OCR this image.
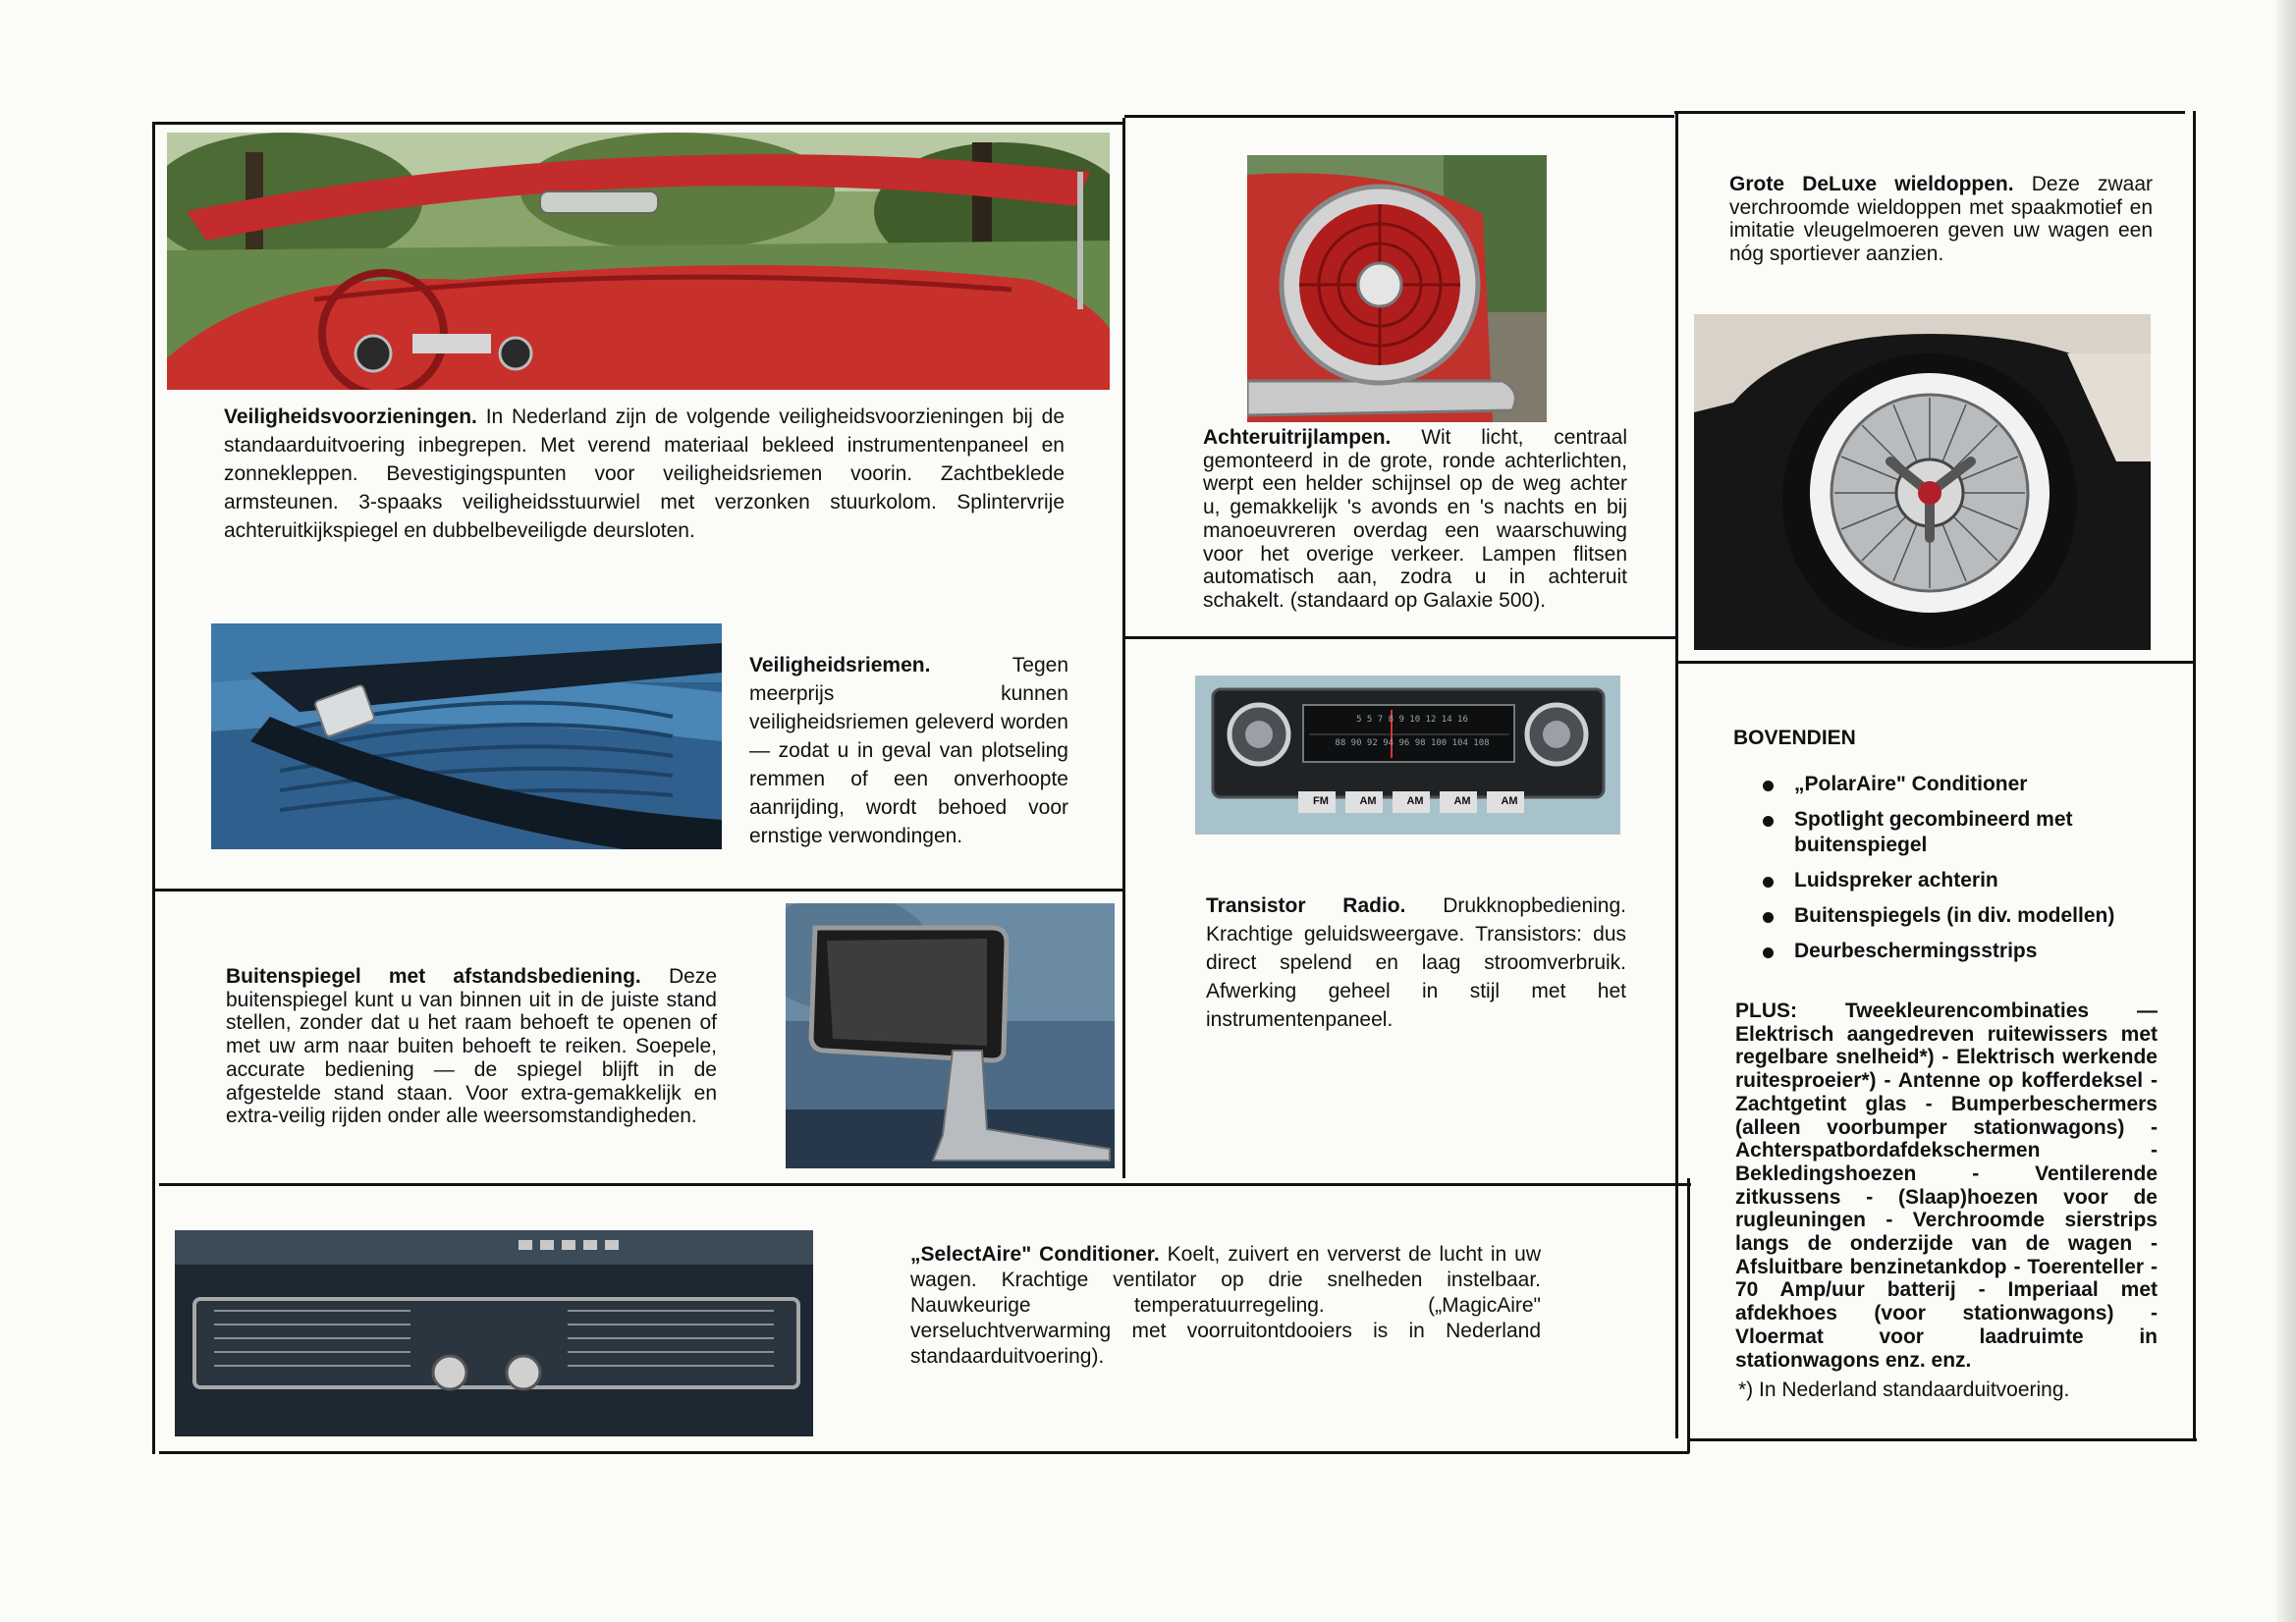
5 5 7 8 9 10 12 14 16
88 90 92 94 96 98 100 104 108
FM	AM	AM	AM	AM
Veiligheidsvoorzieningen. In Nederland zijn de volgende veiligheidsvoorzieningen bij de standaarduitvoering inbegrepen. Met verend materiaal bekleed instrumentenpaneel en zonnekleppen. Bevestigingspunten voor veiligheidsriemen voorin. Zachtbeklede armsteunen. 3-spaaks veiligheidsstuurwiel met verzonken stuurkolom. Splintervrije achteruitkijkspiegel en dubbelbeveiligde deursloten.
Veiligheidsriemen.	Tegen meerprijs kunnen veiligheidsriemen geleverd worden — zodat u in geval van plotseling remmen of een onverhoopte aanrijding, wordt behoed voor ernstige verwondingen.
Buitenspiegel met afstandsbediening. Deze buitenspiegel kunt u van binnen uit in de juiste stand stellen, zonder dat u het raam behoeft te openen of met uw arm naar buiten behoeft te reiken. Soepele, accurate bediening — de spiegel blijft in de afgestelde stand staan. Voor extra-gemakkelijk en extra-veilig rijden onder alle weersomstandigheden.
„SelectAire" Conditioner. Koelt, zuivert en ververst de lucht in uw wagen. Krachtige ventilator op drie snelheden instelbaar. Nauwkeurige temperatuurregeling. („MagicAire" verseluchtverwarming met voorruitontdooiers is in Nederland standaarduitvoering).
Achteruitrijlampen. Wit licht, centraal gemonteerd in de grote, ronde achterlichten, werpt een helder schijnsel op de weg achter u, gemakkelijk 's avonds en 's nachts en bij manoeuvreren overdag een waarschuwing voor het overige verkeer. Lampen flitsen automatisch aan, zodra u in achteruit schakelt. (standaard op Galaxie 500).
Transistor Radio. Drukknopbediening. Krachtige geluidsweergave. Transistors: dus direct spelend en laag stroomverbruik. Afwerking geheel in stijl met het instrumentenpaneel.
Grote DeLuxe wieldoppen. Deze zwaar verchroomde wieldoppen met spaakmotief en imitatie vleugelmoeren geven uw wagen een nóg sportiever aanzien.
BOVENDIEN
„PolarAire" Conditioner
Spotlight gecombineerd met buitenspiegel
Luidspreker achterin
Buitenspiegels (in div. modellen)
Deurbeschermingsstrips
PLUS: Tweekleurencombinaties — Elektrisch aangedreven ruitewissers met regelbare snelheid*) - Elektrisch werkende ruitesproeier*) - Antenne op kofferdeksel - Zachtgetint glas - Bumperbeschermers (alleen voorbumper stationwagons) - Achterspatbordafdekschermen - Bekledingshoezen - Ventilerende zitkussens - (Slaap)hoezen voor de rugleuningen - Verchroomde sierstrips langs de onderzijde van de wagen - Afsluitbare benzinetankdop - Toerenteller - 70 Amp/uur batterij - Imperiaal met afdekhoes (voor stationwagons) - Vloermat voor laadruimte in stationwagons enz. enz.
*) In Nederland standaarduitvoering.
